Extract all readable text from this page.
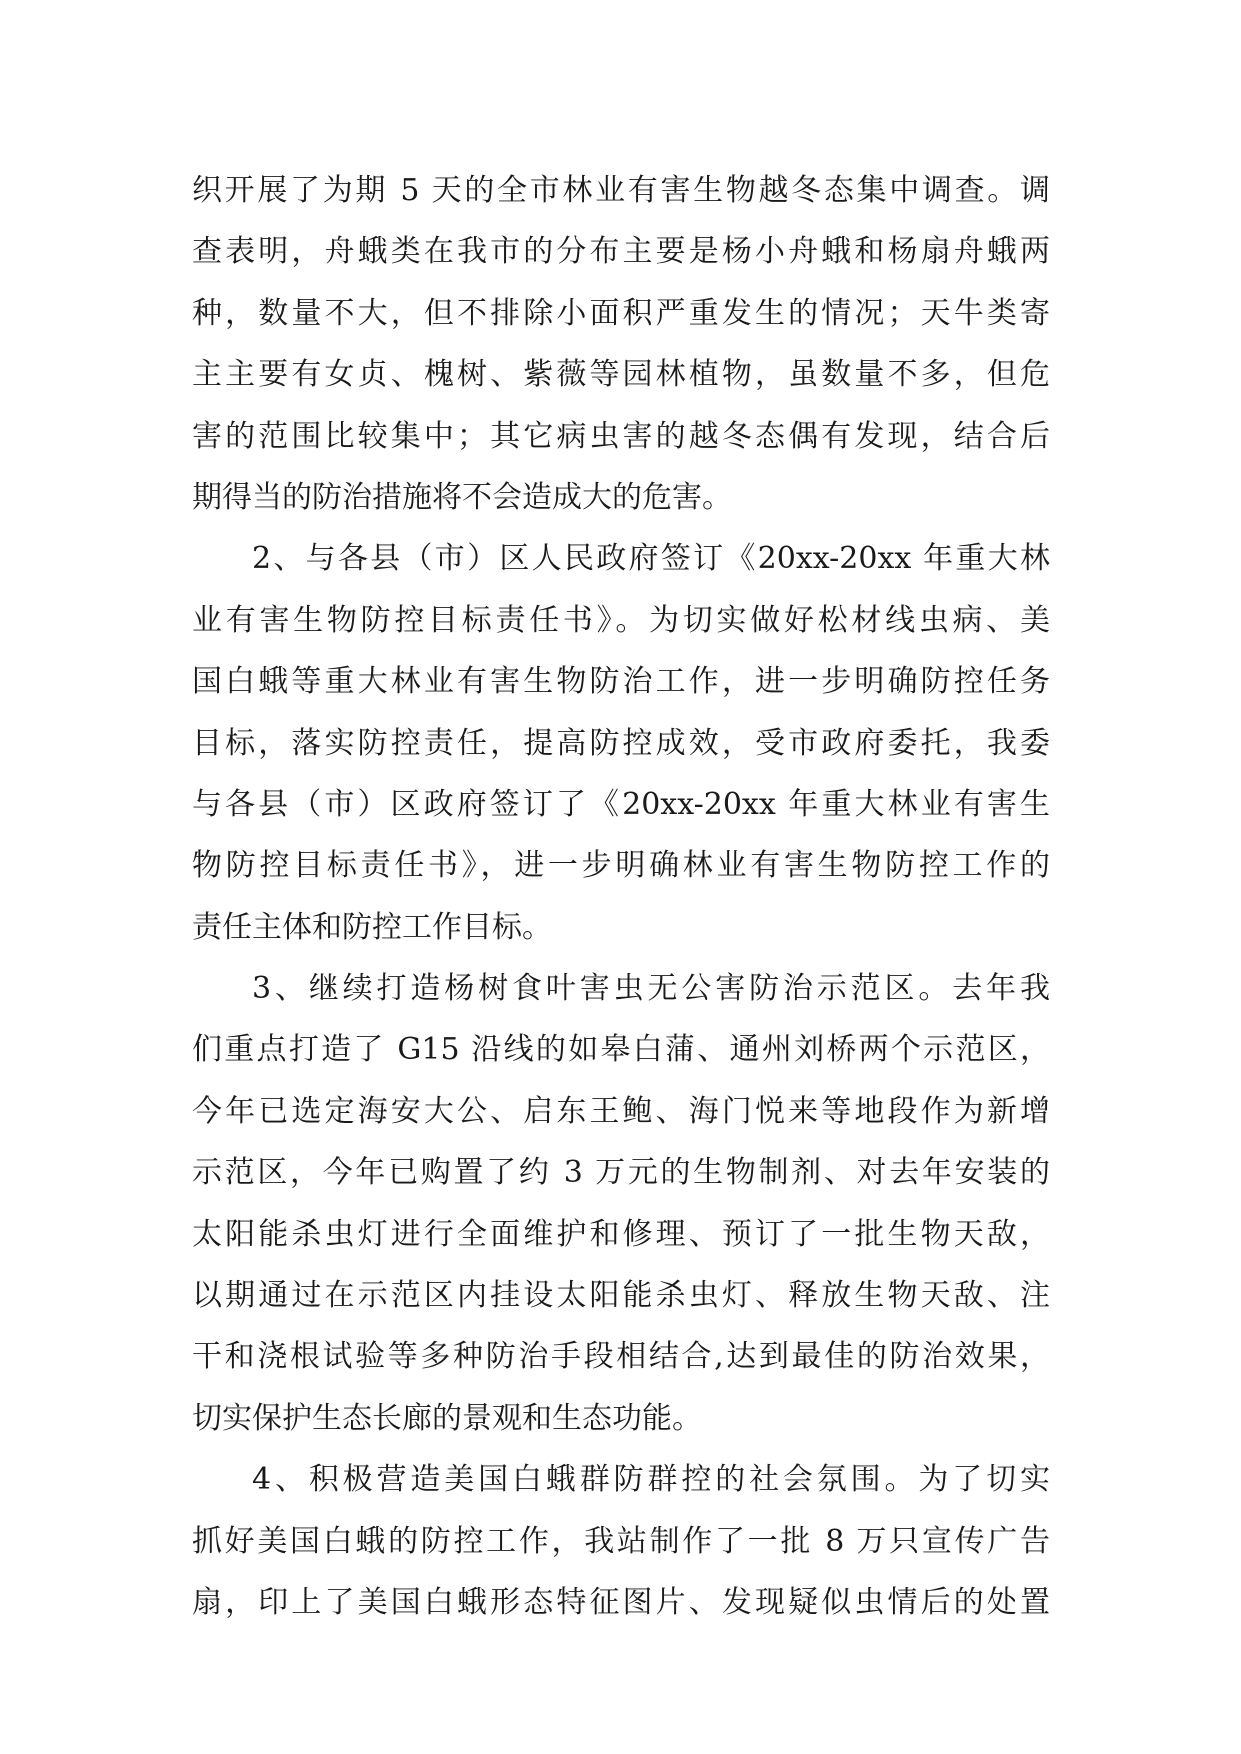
织开展了为期 5 天的全市林业有害生物越冬态集中调查。调
查表明，舟蛾类在我市的分布主要是杨小舟蛾和杨扇舟蛾两
种，数量不大，但不排除小面积严重发生的情况；天牛类寄
主主要有女贞、槐树、紫薇等园林植物，虽数量不多，但危
害的范围比较集中；其它病虫害的越冬态偶有发现，结合后
期得当的防治措施将不会造成大的危害。
2、与各县（市）区人民政府签订《20xx-20xx 年重大林
业有害生物防控目标责任书》。为切实做好松材线虫病、美
国白蛾等重大林业有害生物防治工作，进一步明确防控任务
目标，落实防控责任，提高防控成效，受市政府委托，我委
与各县（市）区政府签订了《20xx-20xx 年重大林业有害生
物防控目标责任书》，进一步明确林业有害生物防控工作的
责任主体和防控工作目标。
3、继续打造杨树食叶害虫无公害防治示范区。去年我
们重点打造了 G15 沿线的如皋白蒲、通州刘桥两个示范区，
今年已选定海安大公、启东王鲍、海门悦来等地段作为新增
示范区，今年已购置了约 3 万元的生物制剂、对去年安装的
太阳能杀虫灯进行全面维护和修理、预订了一批生物天敌，
以期通过在示范区内挂设太阳能杀虫灯、释放生物天敌、注
干和浇根试验等多种防治手段相结合,达到最佳的防治效果，
切实保护生态长廊的景观和生态功能。
4、积极营造美国白蛾群防群控的社会氛围。为了切实
抓好美国白蛾的防控工作，我站制作了一批 8 万只宣传广告
扇，印上了美国白蛾形态特征图片、发现疑似虫情后的处置
